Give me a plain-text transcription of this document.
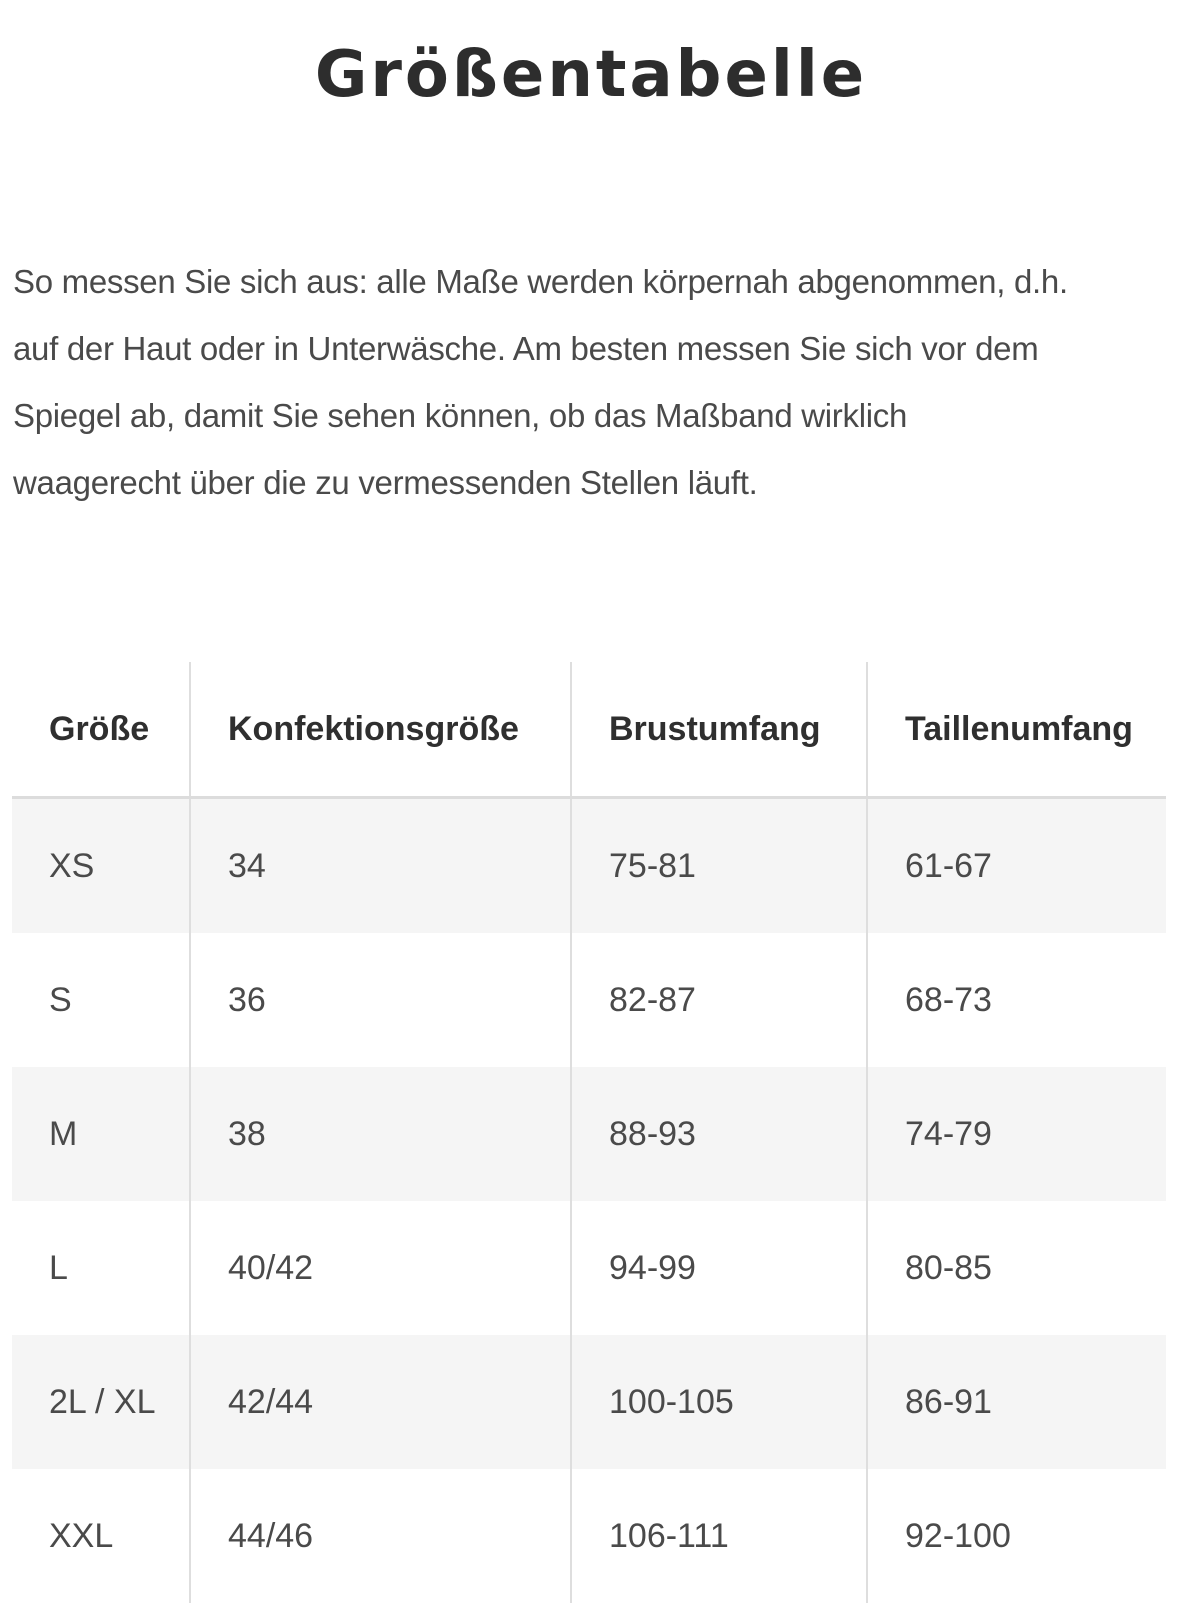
Größentabelle

So messen Sie sich aus: alle Maße werden körpernah abgenommen, d.h.
auf der Haut oder in Unterwäsche. Am besten messen Sie sich vor dem
Spiegel ab, damit Sie sehen können, ob das Maßband wirklich
waagerecht über die zu vermessenden Stellen läuft.

Größe	Konfektionsgröße	Brustumfang	Taillenumfang
XS	34	75-81	61-67
S	36	82-87	68-73
M	38	88-93	74-79
L	40/42	94-99	80-85
2L / XL	42/44	100-105	86-91
XXL	44/46	106-111	92-100
